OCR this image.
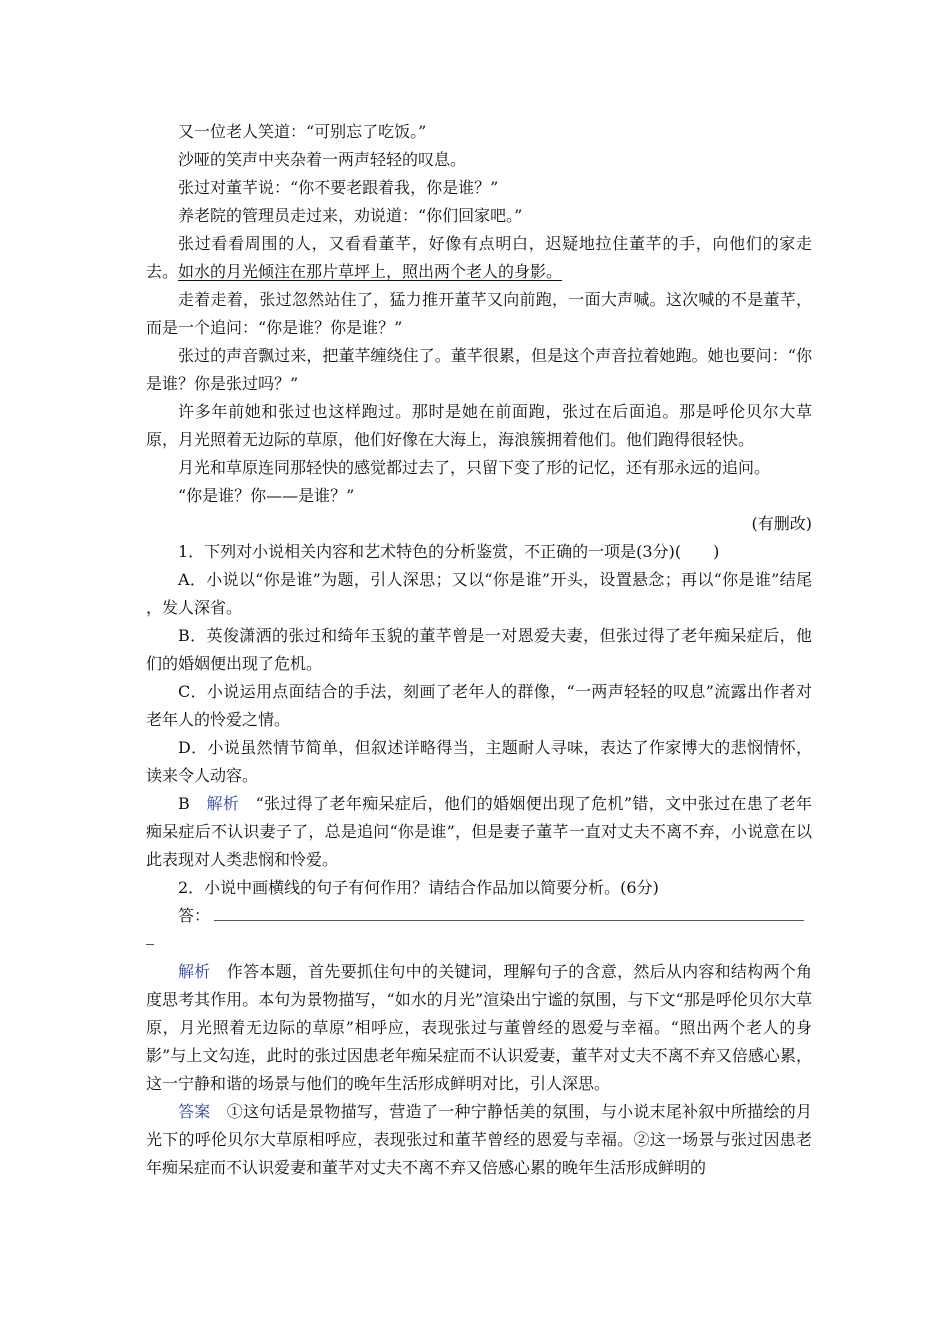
又一位老人笑道：“可别忘了吃饭。”

沙哑的笑声中夹杂着一两声轻轻的叹息。

张过对董芊说：“你不要老跟着我，你是谁？”

养老院的管理员走过来，劝说道：“你们回家吧。”

张过看看周围的人，又看看董芊，好像有点明白，迟疑地拉住董芊的手，向他们的家走去。如水的月光倾注在那片草坪上，照出两个老人的身影。

走着走着，张过忽然站住了，猛力推开董芊又向前跑，一面大声喊。这次喊的不是董芊，而是一个追问：“你是谁？你是谁？”

张过的声音飘过来，把董芊缠绕住了。董芊很累，但是这个声音拉着她跑。她也要问：“你是谁？你是张过吗？”

许多年前她和张过也这样跑过。那时是她在前面跑，张过在后面追。那是呼伦贝尔大草原，月光照着无边际的草原，他们好像在大海上，海浪簇拥着他们。他们跑得很轻快。

月光和草原连同那轻快的感觉都过去了，只留下变了形的记忆，还有那永远的追问。

“你是谁？你——是谁？”

(有删改)

1．下列对小说相关内容和艺术特色的分析鉴赏，不正确的一项是(3分)(　　)

A．小说以“你是谁”为题，引人深思；又以“你是谁”开头，设置悬念；再以“你是谁”结尾 ，发人深省。

B．英俊潇洒的张过和绮年玉貌的董芊曾是一对恩爱夫妻，但张过得了老年痴呆症后，他们的婚姻便出现了危机。

C．小说运用点面结合的手法，刻画了老年人的群像，“一两声轻轻的叹息”流露出作者对老年人的怜爱之情。

D．小说虽然情节简单，但叙述详略得当，主题耐人寻味，表达了作家博大的悲悯情怀，读来令人动容。

B　 解析　 “张过得了老年痴呆症后，他们的婚姻便出现了危机”错，文中张过在患了老年痴呆症后不认识妻子了，总是追问“你是谁”，但是妻子董芊一直对丈夫不离不弃，小说意在以此表现对人类悲悯和怜爱。

2．小说中画横线的句子有何作用？请结合作品加以简要分析。(6分)

答：

解析　 作答本题，首先要抓住句中的关键词，理解句子的含意，然后从内容和结构两个角度思考其作用。本句为景物描写，“如水的月光”渲染出宁谧的氛围，与下文“那是呼伦贝尔大草原，月光照着无边际的草原”相呼应，表现张过与董曾经的恩爱与幸福。“照出两个老人的身影”与上文勾连，此时的张过因患老年痴呆症而不认识爱妻，董芊对丈夫不离不弃又倍感心累，这一宁静和谐的场景与他们的晚年生活形成鲜明对比，引人深思。

答案　 ①这句话是景物描写，营造了一种宁静恬美的氛围，与小说末尾补叙中所描绘的月光下的呼伦贝尔大草原相呼应，表现张过和董芊曾经的恩爱与幸福。②这一场景与张过因患老年痴呆症而不认识爱妻和董芊对丈夫不离不弃又倍感心累的晚年生活形成鲜明的
